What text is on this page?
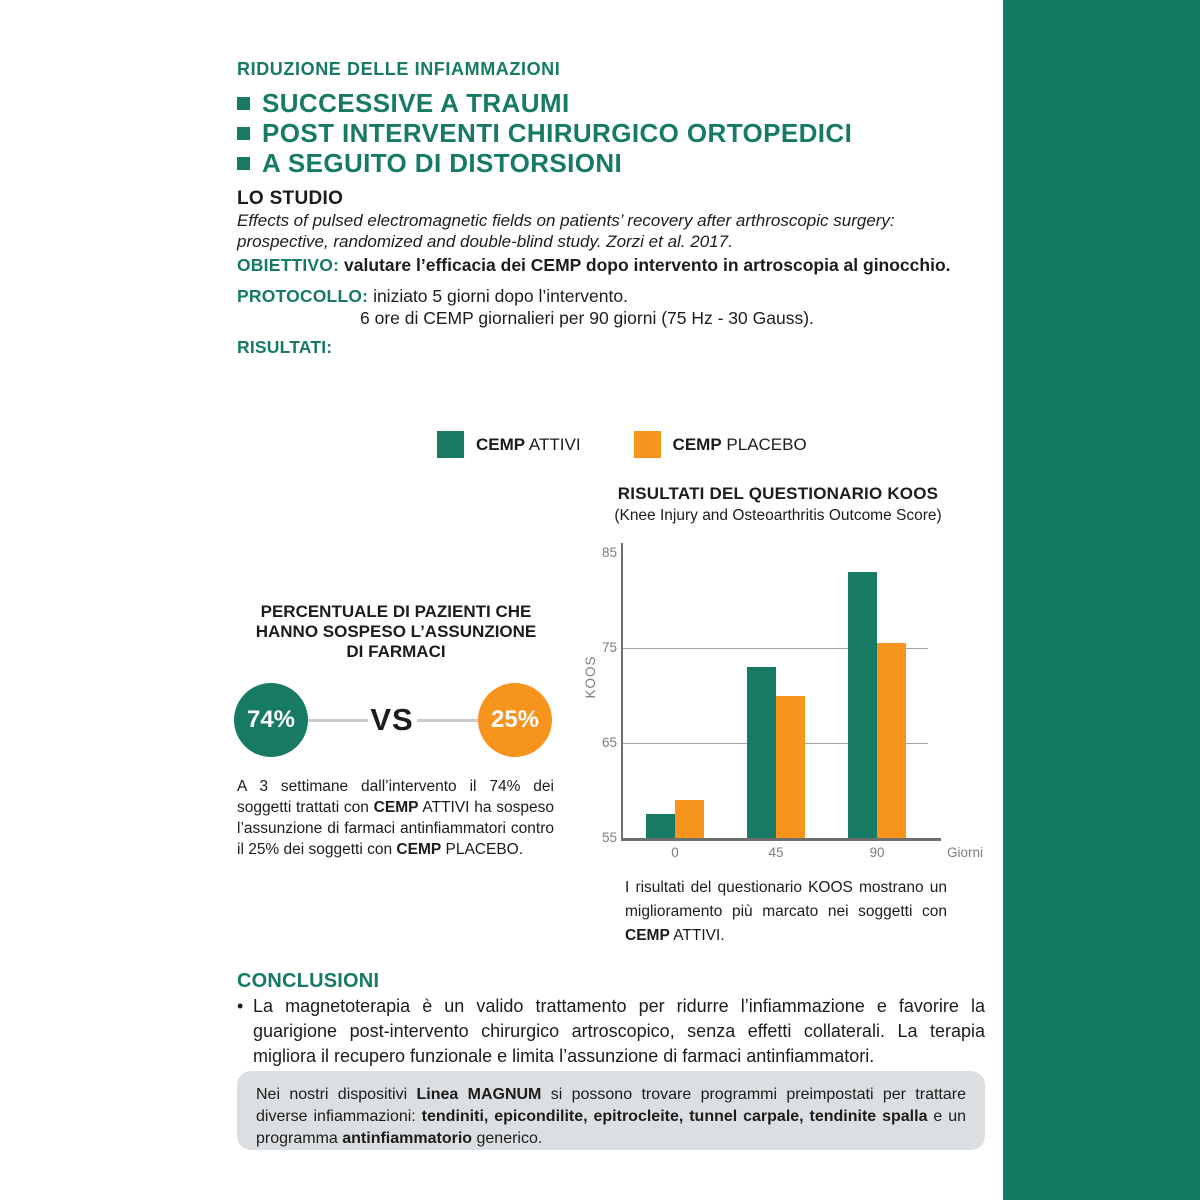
RIDUZIONE DELLE INFIAMMAZIONI
SUCCESSIVE A TRAUMI
POST INTERVENTI CHIRURGICO ORTOPEDICI
A SEGUITO DI DISTORSIONI
LO STUDIO
Effects of pulsed electromagnetic fields on patients’ recovery after arthroscopic surgery: prospective, randomized and double-blind study. Zorzi et al. 2017.
OBIETTIVO: valutare l’efficacia dei CEMP dopo intervento in artroscopia al ginocchio.
PROTOCOLLO: iniziato 5 giorni dopo l’intervento.
6 ore di CEMP giornalieri per 90 giorni (75 Hz - 30 Gauss).
RISULTATI:
CEMP ATTIVI	CEMP PLACEBO
RISULTATI DEL QUESTIONARIO KOOS
(Knee Injury and Osteoarthritis Outcome Score)
KOOS
Giorni
55
65
75
85
0	45	90
I risultati del questionario KOOS mostrano un miglioramento più marcato nei soggetti con CEMP ATTIVI.
PERCENTUALE DI PAZIENTI CHE
HANNO SOSPESO L’ASSUNZIONE
DI FARMACI
74%	VS	25%
A 3 settimane dall’intervento il 74% dei soggetti trattati con CEMP ATTIVI ha sospeso l’assunzione di farmaci antinfiammatori contro il 25% dei soggetti con CEMP PLACEBO.
CONCLUSIONI
• La magnetoterapia è un valido trattamento per ridurre l’infiammazione e favorire la guarigione post-intervento chirurgico artroscopico, senza effetti collaterali. La terapia migliora il recupero funzionale e limita l’assunzione di farmaci antinfiammatori.
Nei nostri dispositivi Linea MAGNUM si possono trovare programmi preimpostati per trattare diverse infiammazioni: tendiniti, epicondilite, epitrocleite, tunnel carpale, tendinite spalla e un programma antinfiammatorio generico.
